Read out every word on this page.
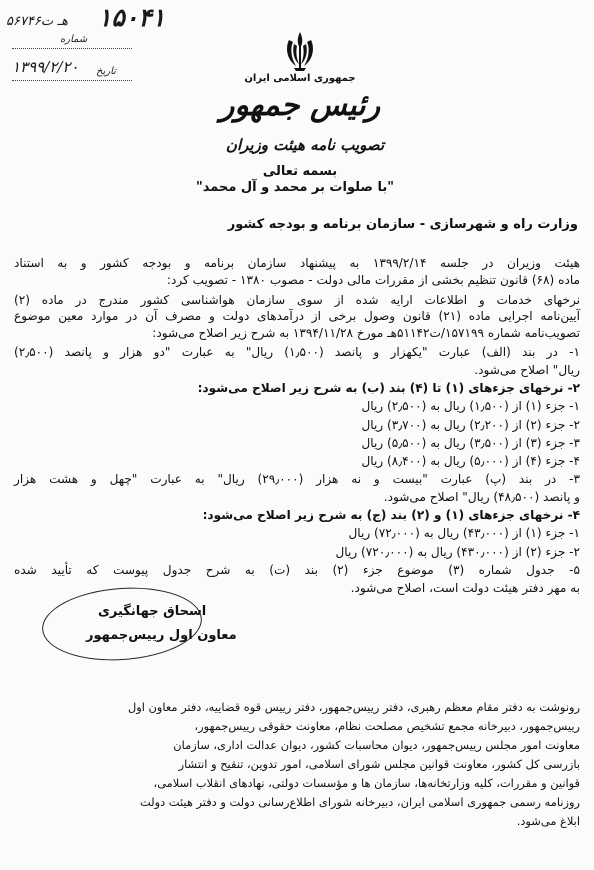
۱۵۰۴۱
۵۶۷۴۶هـ ت
شماره
۱۳۹۹/۲/۲۰ تاریخ
جمهوری اسلامی ایران
رئیس جمهور
تصویب نامه هیئت وزیران
بسمه تعالی
"با صلوات بر محمد و آل محمد"
وزارت راه و شهرسازی - سازمان برنامه و بودجه کشور
هیئت وزیران در جلسه ۱۳۹۹/۲/۱۴ به پیشنهاد سازمان برنامه و بودجه کشور و به استناد
ماده (۶۸) قانون تنظیم بخشی از مقررات مالی دولت - مصوب ۱۳۸۰ - تصویب کرد:
نرخهای خدمات و اطلاعات ارایه شده از سوی سازمان هواشناسی کشور مندرج در ماده (۲)
آیین‌نامه اجرایی ماده (۲۱) قانون وصول برخی از درآمدهای دولت و مصرف آن در موارد معین موضوع
تصویب‌نامه شماره ۱۵۷۱۹۹/ت۵۱۱۴۲هـ مورخ ۱۳۹۴/۱۱/۲۸ به شرح زیر اصلاح می‌شود:
۱- در بند (الف) عبارت "یکهزار و پانصد (۱٫۵۰۰) ریال" به عبارت "دو هزار و پانصد (۲٫۵۰۰)
ریال" اصلاح می‌شود.
۲- نرخهای جزءهای (۱) تا (۴) بند (ب) به شرح زیر اصلاح می‌شود:
۱- جزء (۱) از (۱٫۵۰۰) ریال به (۲٫۵۰۰) ریال
۲- جزء (۲) از (۲٫۲۰۰) ریال به (۳٫۷۰۰) ریال
۳- جزء (۳) از (۳٫۵۰۰) ریال به (۵٫۵۰۰) ریال
۴- جزء (۴) از (۵٫۰۰۰) ریال به (۸٫۴۰۰) ریال
۳- در بند (پ) عبارت "بیست و نه هزار (۲۹٫۰۰۰) ریال" به عبارت "چهل و هشت هزار
و پانصد (۴۸٫۵۰۰) ریال" اصلاح می‌شود.
۴- نرخهای جزءهای (۱) و (۲) بند (ج) به شرح زیر اصلاح می‌شود:
۱- جزء (۱) از (۴۳٫۰۰۰) ریال به (۷۲٫۰۰۰) ریال
۲- جزء (۲) از (۴۳۰٫۰۰۰) ریال به (۷۲۰٫۰۰۰) ریال
۵- جدول شماره (۳) موضوع جزء (۲) بند (ت) به شرح جدول پیوست که تأیید شده
به مهر دفتر هیئت دولت است، اصلاح می‌شود.
اسحاق جهانگیری
معاون اول رییس‌جمهور
رونوشت به دفتر مقام معظم رهبری، دفتر رییس‌جمهور، دفتر رییس قوه قضاییه، دفتر معاون اول
رییس‌جمهور، دبیرخانه مجمع تشخیص مصلحت نظام، معاونت حقوقی رییس‌جمهور،
معاونت امور مجلس رییس‌جمهور، دیوان محاسبات کشور، دیوان عدالت اداری، سازمان
بازرسی کل کشور، معاونت قوانین مجلس شورای اسلامی، امور تدوین، تنقیح و انتشار
قوانین و مقررات، کلیه وزارتخانه‌ها، سازمان ها و مؤسسات دولتی، نهادهای انقلاب اسلامی،
روزنامه رسمی جمهوری اسلامی ایران، دبیرخانه شورای اطلاع‌رسانی دولت و دفتر هیئت دولت
ابلاغ می‌شود.
